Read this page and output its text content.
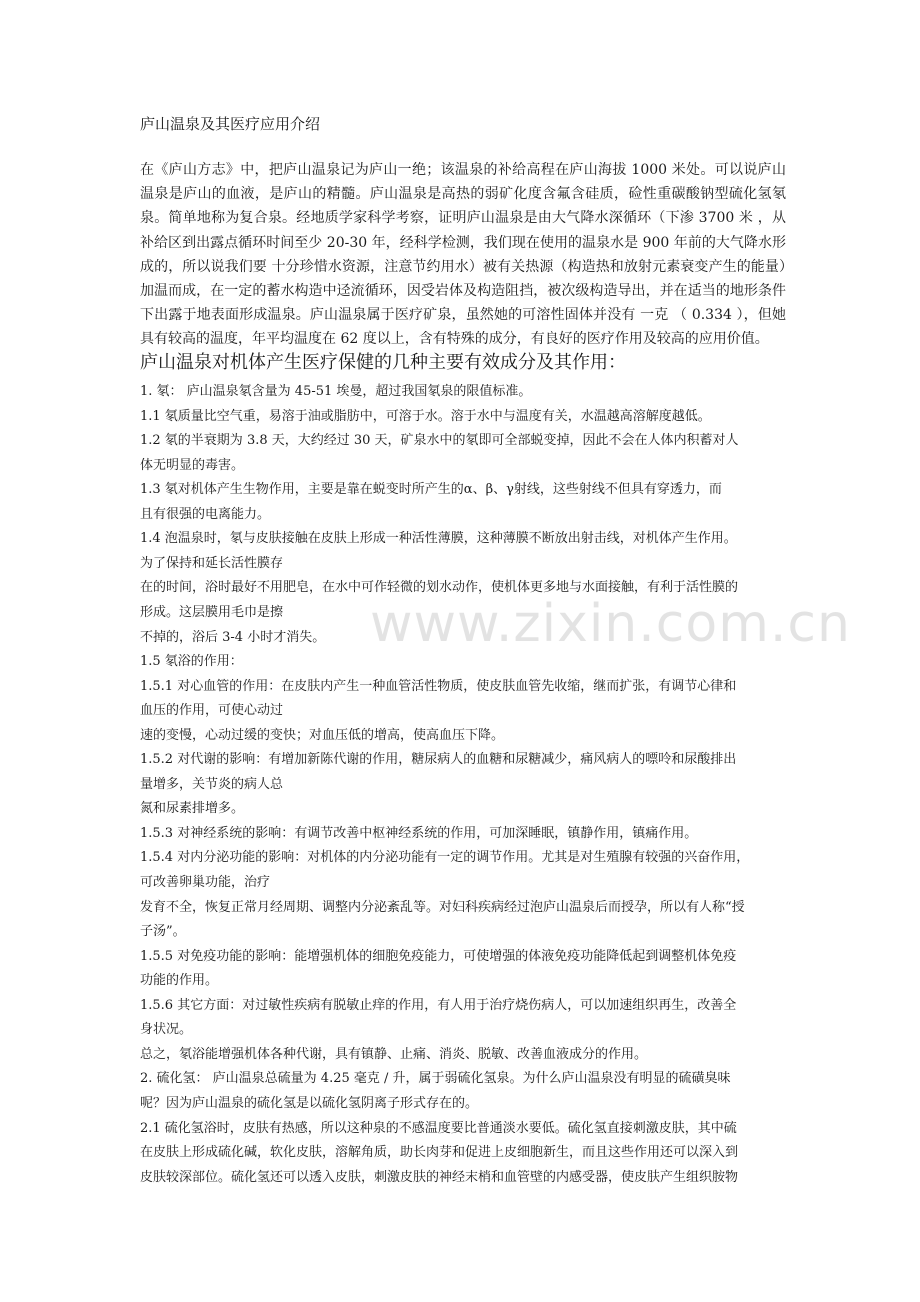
庐山温泉及其医疗应用介绍

在《庐山方志》中，把庐山温泉记为庐山一绝；该温泉的补给高程在庐山海拔 1000 米处。可以说庐山温泉是庐山的血液，是庐山的精髓。庐山温泉是高热的弱矿化度含氟含硅质，硷性重碳酸钠型硫化氢氡泉。简单地称为复合泉。经地质学家科学考察，证明庐山温泉是由大气降水深循环（下渗 3700 米 ，从补给区到出露点循环时间至少 20-30 年，经科学检测，我们现在使用的温泉水是 900 年前的大气降水形成的，所以说我们要 十分珍惜水资源，注意节约用水）被有关热源（构造热和放射元素衰变产生的能量）加温而成，在一定的蓄水构造中迳流循环，因受岩体及构造阻挡，被次级构造导出，并在适当的地形条件下出露于地表面形成温泉。庐山温泉属于医疗矿泉，虽然她的可溶性固体并没有 一克 （ 0.334 ），但她具有较高的温度，年平均温度在 62 度以上，含有特殊的成分，有良好的医疗作用及较高的应用价值。

庐山温泉对机体产生医疗保健的几种主要有效成分及其作用：
1. 氡： 庐山温泉氡含量为 45-51 埃曼，超过我国氡泉的限值标准。
1.1 氡质量比空气重，易溶于油或脂肪中，可溶于水。溶于水中与温度有关，水温越高溶解度越低。
1.2 氡的半衰期为 3.8 天，大约经过 30 天，矿泉水中的氡即可全部蜕变掉，因此不会在人体内积蓄对人
体无明显的毒害。
1.3 氡对机体产生生物作用，主要是靠在蜕变时所产生的α、β、γ射线，这些射线不但具有穿透力，而
且有很强的电离能力。
1.4 泡温泉时，氡与皮肤接触在皮肤上形成一种活性薄膜，这种薄膜不断放出射击线，对机体产生作用。
为了保持和延长活性膜存
在的时间，浴时最好不用肥皂，在水中可作轻微的划水动作，使机体更多地与水面接触，有利于活性膜的
形成。这层膜用毛巾是擦
不掉的，浴后 3-4 小时才消失。
1.5 氡浴的作用：
1.5.1 对心血管的作用：在皮肤内产生一种血管活性物质，使皮肤血管先收缩，继而扩张，有调节心律和
血压的作用，可使心动过
速的变慢，心动过缓的变快；对血压低的增高，使高血压下降。
1.5.2 对代谢的影响：有增加新陈代谢的作用，糖尿病人的血糖和尿糖减少，痛风病人的嘌呤和尿酸排出
量增多，关节炎的病人总
氮和尿素排增多。
1.5.3 对神经系统的影响：有调节改善中枢神经系统的作用，可加深睡眠，镇静作用，镇痛作用。
1.5.4 对内分泌功能的影响：对机体的内分泌功能有一定的调节作用。尤其是对生殖腺有较强的兴奋作用，
可改善卵巢功能，治疗
发育不全，恢复正常月经周期、调整内分泌紊乱等。对妇科疾病经过泡庐山温泉后而授孕，所以有人称“授
子汤”。
1.5.5 对免疫功能的影响：能增强机体的细胞免疫能力，可使增强的体液免疫功能降低起到调整机体免疫
功能的作用。
1.5.6 其它方面：对过敏性疾病有脱敏止痒的作用，有人用于治疗烧伤病人，可以加速组织再生，改善全
身状况。
总之，氡浴能增强机体各种代谢，具有镇静、止痛、消炎、脱敏、改善血液成分的作用。
2. 硫化氢： 庐山温泉总硫量为 4.25 毫克 / 升，属于弱硫化氢泉。为什么庐山温泉没有明显的硫磺臭味
呢？因为庐山温泉的硫化氢是以硫化氢阴离子形式存在的。
2.1 硫化氢浴时，皮肤有热感，所以这种泉的不感温度要比普通淡水要低。硫化氢直接刺激皮肤，其中硫
在皮肤上形成硫化碱，软化皮肤，溶解角质，助长肉芽和促进上皮细胞新生，而且这些作用还可以深入到
皮肤较深部位。硫化氢还可以透入皮肤，刺激皮肤的神经末梢和血管壁的内感受器，使皮肤产生组织胺物
www.zixin.com.cn
